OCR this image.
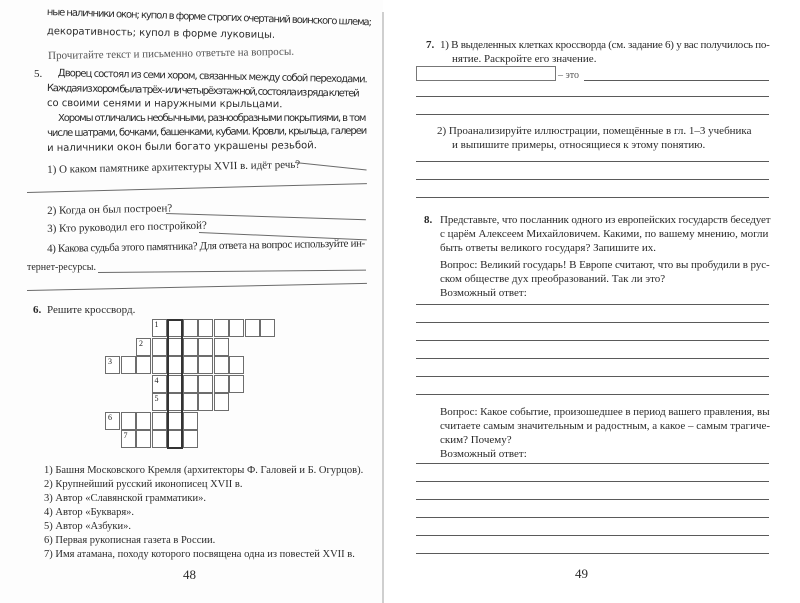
ные наличники окон; купол в форме строгих очертаний воинского шлема;
декоративность; купол в форме луковицы.
Прочитайте текст и письменно ответьте на вопросы.
5. Дворец состоял из семи хором, связанных между собой переходами.
Каждая из хором была трёх- или четырёхэтажной, состояла из ряда клетей
со своими сенями и наружными крыльцами.
Хоромы отличались необычными, разнообразными покрытиями, в том
числе шатрами, бочками, башенками, кубами. Кровли, крыльца, галереи
и наличники окон были богато украшены резьбой.
1) О каком памятнике архитектуры XVII в. идёт речь?
2) Когда он был построен?
3) Кто руководил его постройкой?
4) Какова судьба этого памятника? Для ответа на вопрос используйте ин-
тернет-ресурсы.
6. Решите кроссворд.
1
2
3
4
5
6
7
1) Башня Московского Кремля (архитекторы Ф. Галовей и Б. Огурцов).
2) Крупнейший русский иконописец XVII в.
3) Автор «Славянской грамматики».
4) Автор «Букваря».
5) Автор «Азбуки».
6) Первая рукописная газета в России.
7) Имя атамана, походу которого посвящена одна из повестей XVII в.
48
7. 1) В выделенных клетках кроссворда (см. задание 6) у вас получилось по-
нятие. Раскройте его значение.
– это
2) Проанализируйте иллюстрации, помещённые в гл. 1–3 учебника
и выпишите примеры, относящиеся к этому понятию.
8. Представьте, что посланник одного из европейских государств беседует
с царём Алексеем Михайловичем. Какими, по вашему мнению, могли
быть ответы великого государя? Запишите их.
Вопрос: Великий государь! В Европе считают, что вы пробудили в рус-
ском обществе дух преобразований. Так ли это?
Возможный ответ:
Вопрос: Какое событие, произошедшее в период вашего правления, вы
считаете самым значительным и радостным, а какое – самым трагиче-
ским? Почему?
Возможный ответ:
49
